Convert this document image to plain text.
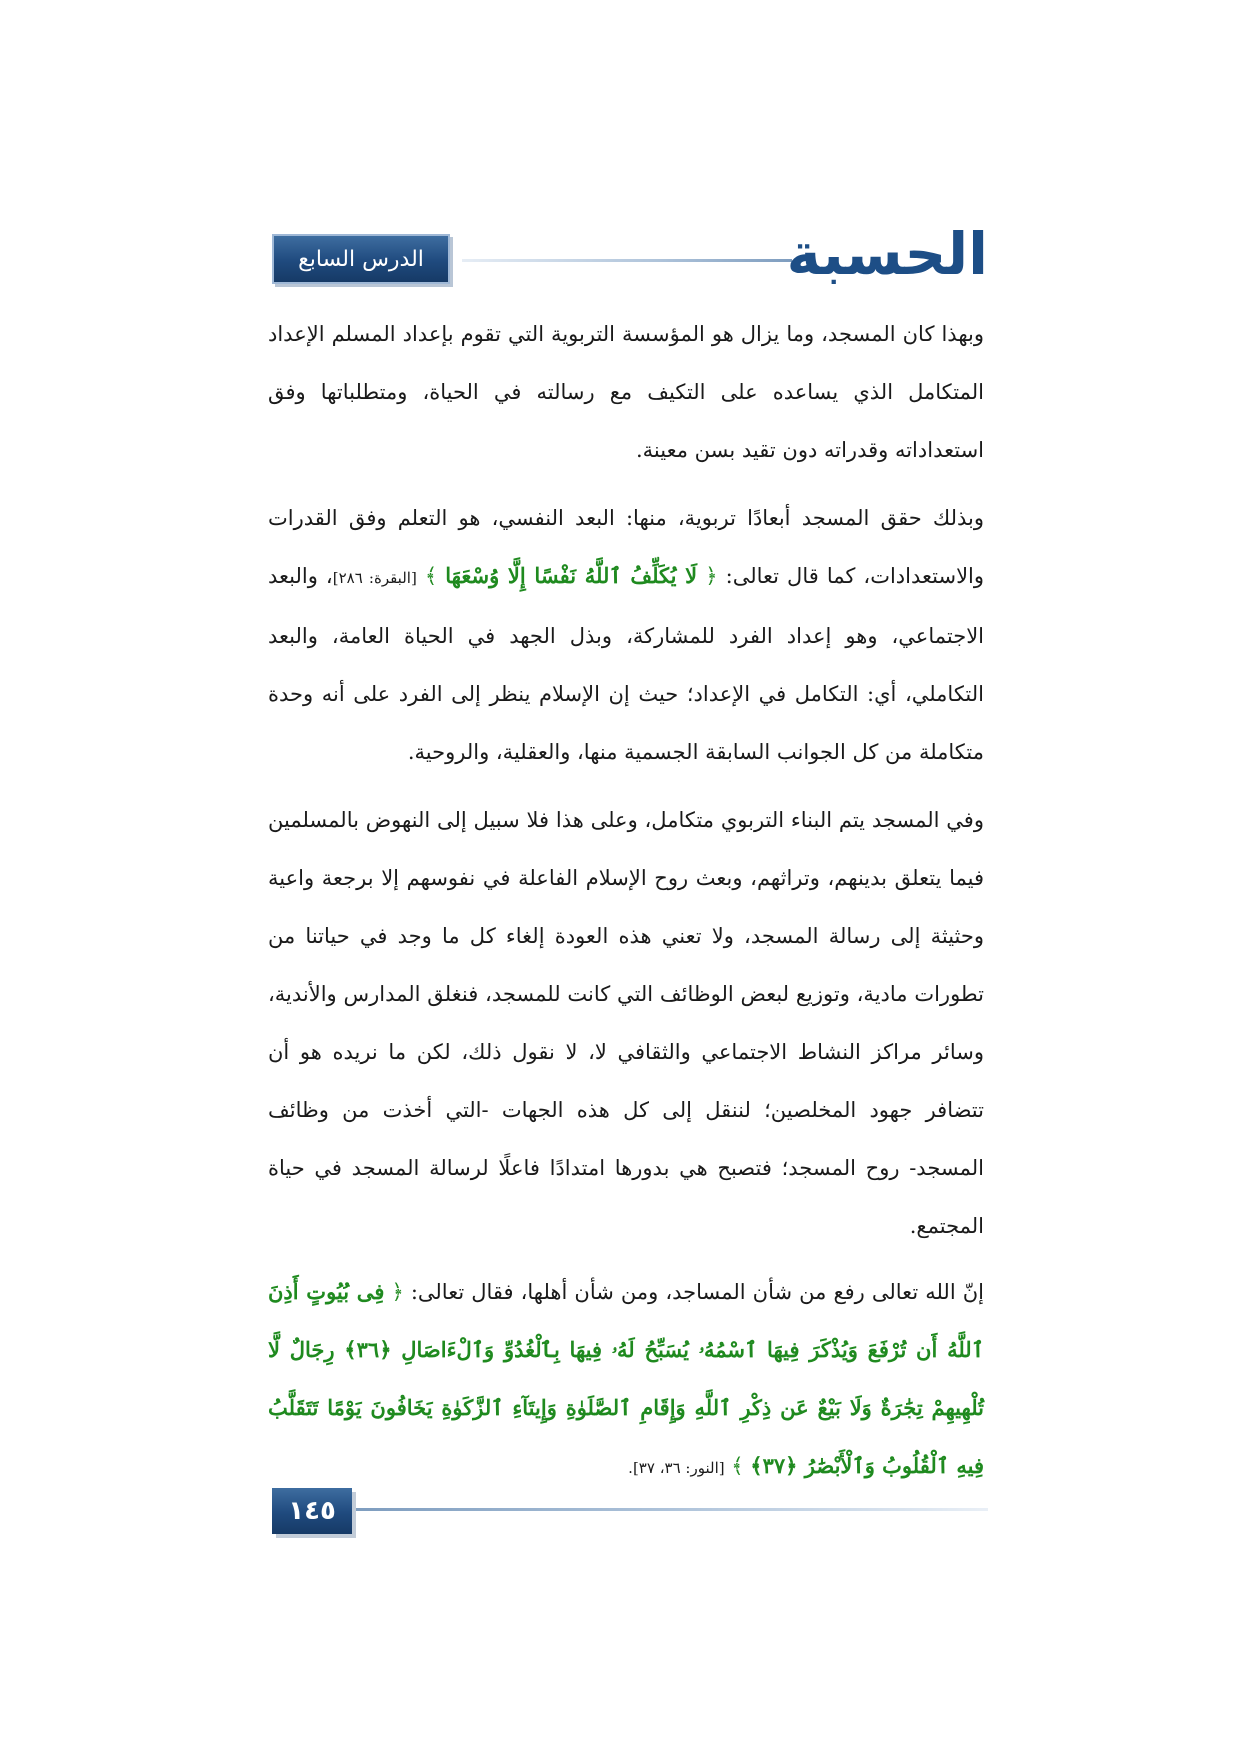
الدرس السابع	الحسبة

وبهذا كان المسجد، وما يزال هو المؤسسة التربوية التي تقوم بإعداد المسلم الإعداد المتكامل الذي يساعده على التكيف مع رسالته في الحياة، ومتطلباتها وفق استعداداته وقدراته دون تقيد بسن معينة.

وبذلك حقق المسجد أبعادًا تربوية، منها: البعد النفسي، هو التعلم وفق القدرات والاستعدادات، كما قال تعالى: ﴿ لَا يُكَلِّفُ ٱللَّهُ نَفْسًا إِلَّا وُسْعَهَا ﴾ [البقرة: ٢٨٦]، والبعد الاجتماعي، وهو إعداد الفرد للمشاركة، وبذل الجهد في الحياة العامة، والبعد التكاملي، أي: التكامل في الإعداد؛ حيث إن الإسلام ينظر إلى الفرد على أنه وحدة متكاملة من كل الجوانب السابقة الجسمية منها، والعقلية، والروحية.

وفي المسجد يتم البناء التربوي متكامل، وعلى هذا فلا سبيل إلى النهوض بالمسلمين فيما يتعلق بدينهم، وتراثهم، وبعث روح الإسلام الفاعلة في نفوسهم إلا برجعة واعية وحثيثة إلى رسالة المسجد، ولا تعني هذه العودة إلغاء كل ما وجد في حياتنا من تطورات مادية، وتوزيع لبعض الوظائف التي كانت للمسجد، فنغلق المدارس والأندية، وسائر مراكز النشاط الاجتماعي والثقافي لا، لا نقول ذلك، لكن ما نريده هو أن تتضافر جهود المخلصين؛ لننقل إلى كل هذه الجهات -التي أخذت من وظائف المسجد- روح المسجد؛ فتصبح هي بدورها امتدادًا فاعلًا لرسالة المسجد في حياة المجتمع.

إنّ الله تعالى رفع من شأن المساجد، ومن شأن أهلها، فقال تعالى: ﴿ فِى بُيُوتٍ أَذِنَ ٱللَّهُ أَن تُرْفَعَ وَيُذْكَرَ فِيهَا ٱسْمُهُۥ يُسَبِّحُ لَهُۥ فِيهَا بِٱلْغُدُوِّ وَٱلْءَاصَالِ ﴿٣٦﴾ رِجَالٌ لَّا تُلْهِيهِمْ تِجَٰرَةٌ وَلَا بَيْعٌ عَن ذِكْرِ ٱللَّهِ وَإِقَامِ ٱلصَّلَوٰةِ وَإِيتَآءِ ٱلزَّكَوٰةِ يَخَافُونَ يَوْمًا تَتَقَلَّبُ فِيهِ ٱلْقُلُوبُ وَٱلْأَبْصَٰرُ ﴿٣٧﴾ ﴾ [النور: ٣٦، ٣٧].

١٤٥
